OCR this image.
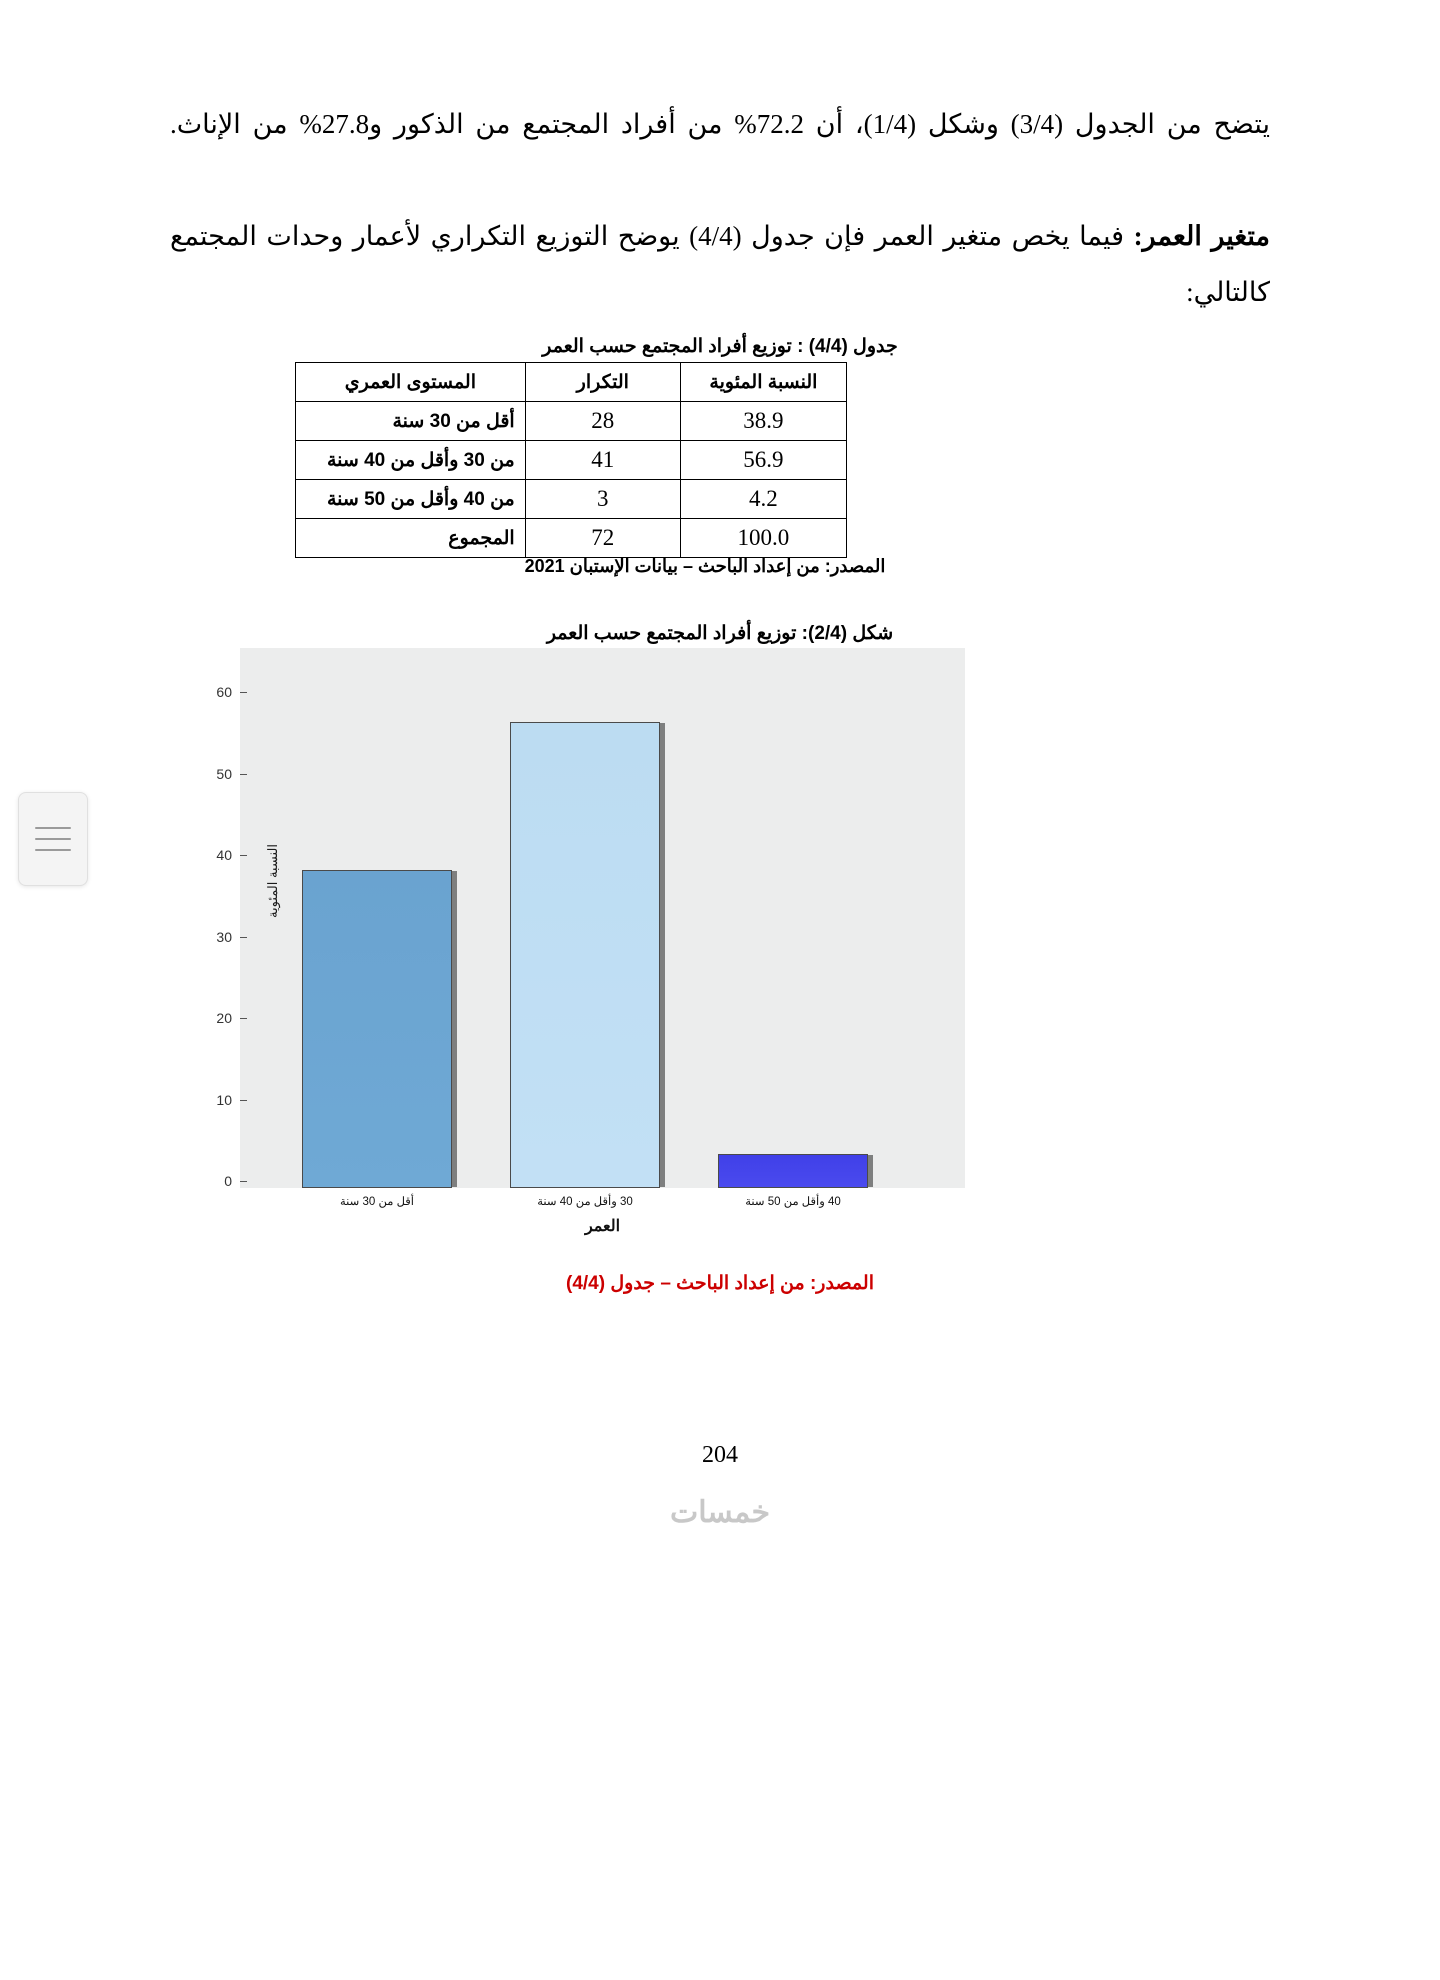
يتضح من الجدول (3/4) وشكل (1/4)، أن 72.2% من أفراد المجتمع من الذكور و27.8% من الإناث.
متغير العمر: فيما يخص متغير العمر فإن جدول (4/4) يوضح التوزيع التكراري لأعمار وحدات المجتمع كالتالي:
جدول (4/4) : توزيع أفراد المجتمع حسب العمر
النسبة المئوية	التكرار	المستوى العمري
38.9	28	أقل من 30 سنة
56.9	41	من 30 وأقل من 40 سنة
4.2	3	من 40 وأقل من 50 سنة
100.0	72	المجموع
المصدر: من إعداد الباحث – بيانات الإستبان 2021
شكل (2/4): توزيع أفراد المجتمع حسب العمر
النسبة المئوية
العمر
0
10
20
30
40
50
60
أقل من 30 سنة	30 وأقل من 40 سنة	40 وأقل من 50 سنة
المصدر: من إعداد الباحث – جدول (4/4)
204
خمسات
